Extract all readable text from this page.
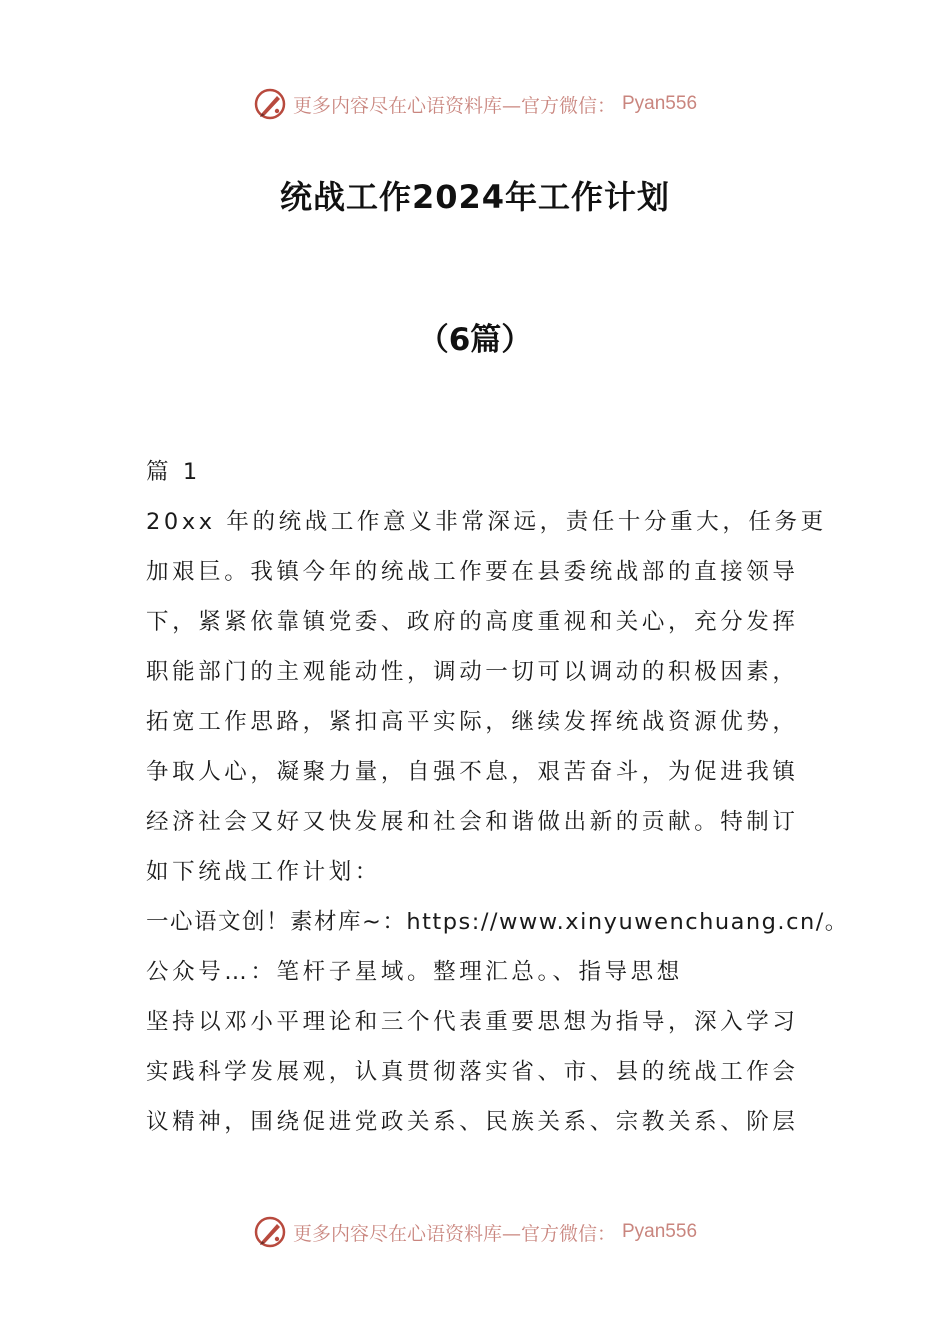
更多内容尽在心语资料库—官方微信： Pyan556
统战工作2024年工作计划
（6篇）
篇 1
20xx 年的统战工作意义非常深远，责任十分重大，任务更
加艰巨。我镇今年的统战工作要在县委统战部的直接领导
下，紧紧依靠镇党委、政府的高度重视和关心，充分发挥
职能部门的主观能动性，调动一切可以调动的积极因素，
拓宽工作思路，紧扣高平实际，继续发挥统战资源优势，
争取人心，凝聚力量，自强不息，艰苦奋斗，为促进我镇
经济社会又好又快发展和社会和谐做出新的贡献。特制订
如下统战工作计划：
一心语文创！素材库~：https://www.xinyuwenchuang.cn/。
公众号…：笔杆子星域。整理汇总。、指导思想
坚持以邓小平理论和三个代表重要思想为指导，深入学习
实践科学发展观，认真贯彻落实省、市、县的统战工作会
议精神，围绕促进党政关系、民族关系、宗教关系、阶层
更多内容尽在心语资料库—官方微信： Pyan556
